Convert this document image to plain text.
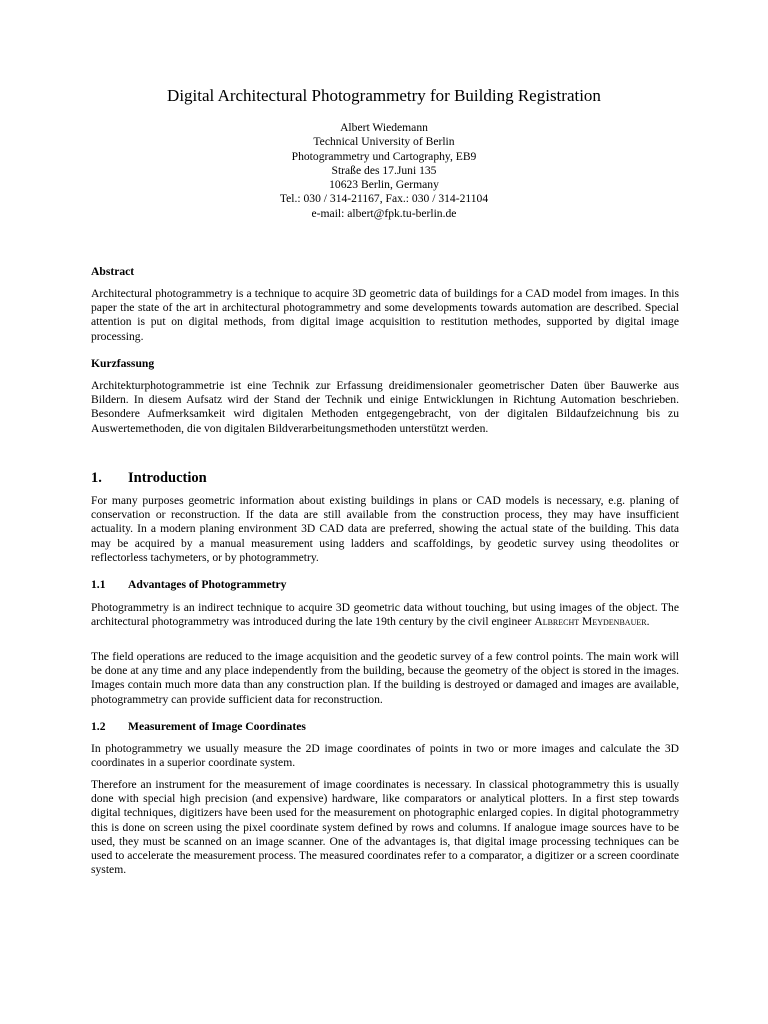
Digital Architectural Photogrammetry for Building Registration
Albert Wiedemann
Technical University of Berlin
Photogrammetry und Cartography, EB9
Straße des 17.Juni 135
10623 Berlin, Germany
Tel.: 030 / 314-21167, Fax.: 030 / 314-21104
e-mail: albert@fpk.tu-berlin.de
Abstract
Architectural photogrammetry is a technique to acquire 3D geometric data of buildings for a CAD model from images. In this paper the state of the art in architectural photogrammetry and some developments towards automation are described. Special attention is put on digital methods, from digital image acquisition to restitution methodes, supported by digital image processing.
Kurzfassung
Architekturphotogrammetrie ist eine Technik zur Erfassung dreidimensionaler geometrischer Daten über Bauwerke aus Bildern. In diesem Aufsatz wird der Stand der Technik und einige Entwicklungen in Richtung Automation beschrieben. Besondere Aufmerksamkeit wird digitalen Methoden entgegengebracht, von der digitalen Bildaufzeichnung bis zu Auswertemethoden, die von digitalen Bildverarbeitungsmethoden unterstützt werden.
1. Introduction
For many purposes geometric information about existing buildings in plans or CAD models is necessary, e.g. planing of conservation or reconstruction. If the data are still available from the construction process, they may have insufficient actuality. In a modern planing environment 3D CAD data are preferred, showing the actual state of the building. This data may be acquired by a manual measurement using ladders and scaffoldings, by geodetic survey using theodolites or reflectorless tachymeters, or by photogrammetry.
1.1 Advantages of Photogrammetry
Photogrammetry is an indirect technique to acquire 3D geometric data without touching, but using images of the object. The architectural photogrammetry was introduced during the late 19th century by the civil engineer Albrecht Meydenbauer.
The field operations are reduced to the image acquisition and the geodetic survey of a few control points. The main work will be done at any time and any place independently from the building, because the geometry of the object is stored in the images. Images contain much more data than any construction plan. If the building is destroyed or damaged and images are available, photogrammetry can provide sufficient data for reconstruction.
1.2 Measurement of Image Coordinates
In photogrammetry we usually measure the 2D image coordinates of points in two or more images and calculate the 3D coordinates in a superior coordinate system.
Therefore an instrument for the measurement of image coordinates is necessary. In classical photogrammetry this is usually done with special high precision (and expensive) hardware, like comparators or analytical plotters. In a first step towards digital techniques, digitizers have been used for the measurement on photographic enlarged copies. In digital photogrammetry this is done on screen using the pixel coordinate system defined by rows and columns. If analogue image sources have to be used, they must be scanned on an image scanner. One of the advantages is, that digital image processing techniques can be used to accelerate the measurement process. The measured coordinates refer to a comparator, a digitizer or a screen coordinate system.
